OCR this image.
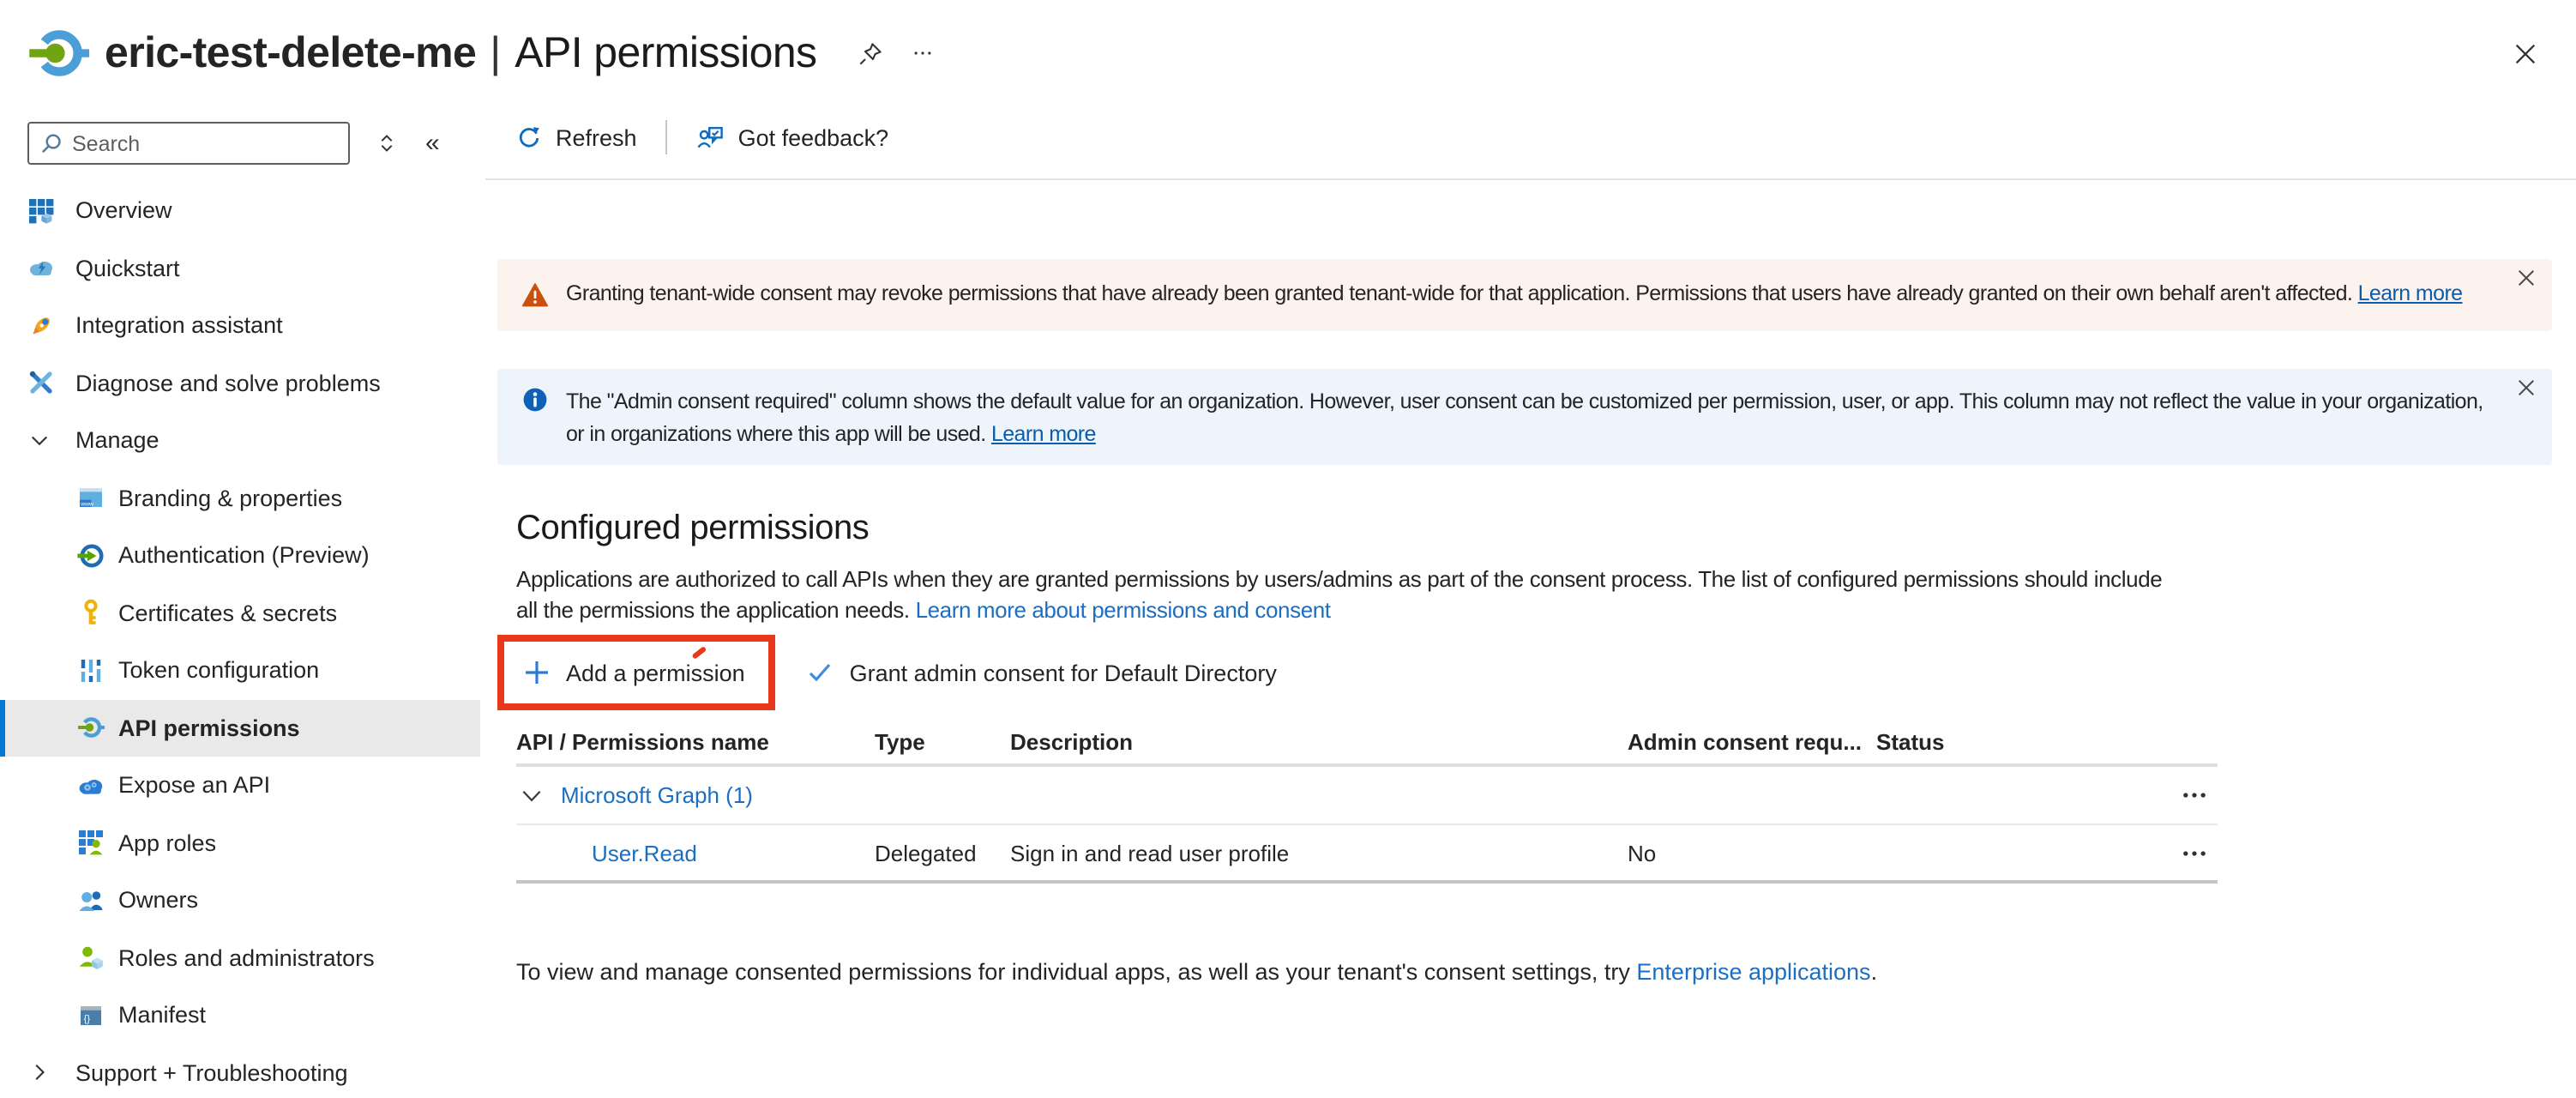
eric-test-delete-me | API permissions
Search
«
Overview
Quickstart
Integration assistant
Diagnose and solve problems
Manage
www Branding & properties
Authentication (Preview)
Certificates & secrets
Token configuration
API permissions
Expose an API
App roles
Owners
Roles and administrators
{} Manifest
Support + Troubleshooting
Refresh	Got feedback?
Granting tenant-wide consent may revoke permissions that have already been granted tenant-wide for that application. Permissions that users have already granted on their own behalf aren't affected. Learn more
The "Admin consent required" column shows the default value for an organization. However, user consent can be customized per permission, user, or app. This column may not reflect the value in your organization,
or in organizations where this app will be used. Learn more
Configured permissions

Applications are authorized to call APIs when they are granted permissions by users/admins as part of the consent process. The list of configured permissions should include
all the permissions the application needs. Learn more about permissions and consent

Add a permission	Grant admin consent for Default Directory
API / Permissions name	Type	Description	Admin consent requ...	Status
Microsoft Graph (1)
User.Read	Delegated	Sign in and read user profile	No

To view and manage consented permissions for individual apps, as well as your tenant's consent settings, try Enterprise applications.
